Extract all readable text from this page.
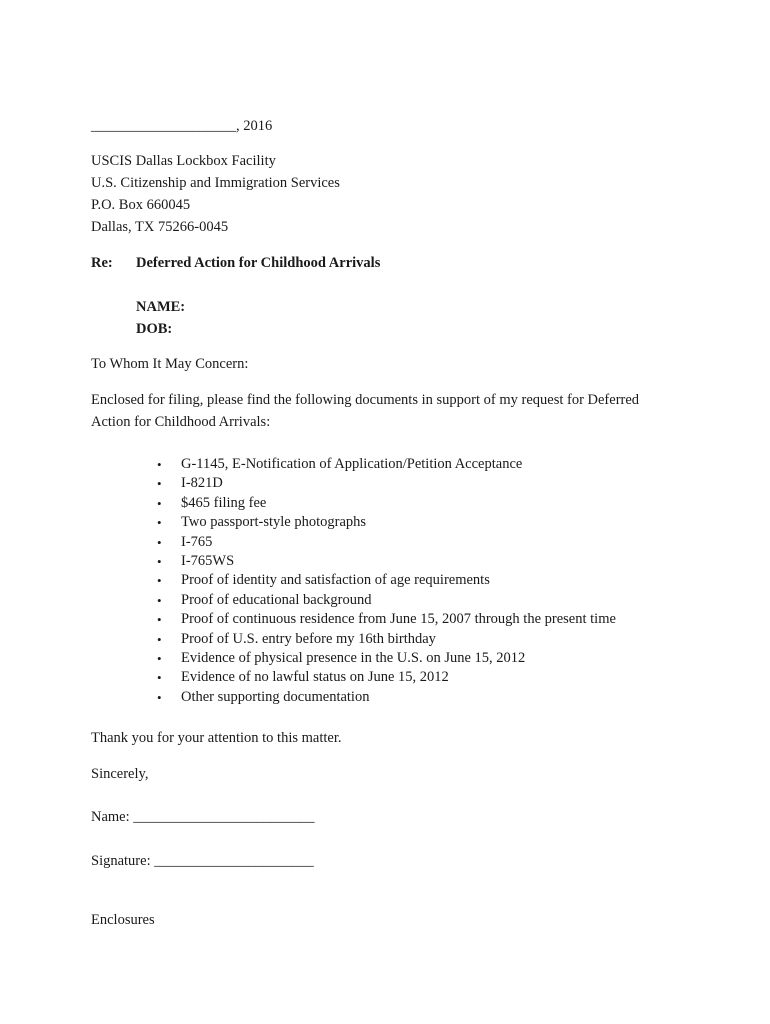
____________________, 2016
USCIS Dallas Lockbox Facility
U.S. Citizenship and Immigration Services
P.O. Box 660045
Dallas, TX 75266-0045
Re: Deferred Action for Childhood Arrivals
NAME:
DOB:
To Whom It May Concern:
Enclosed for filing, please find the following documents in support of my request for Deferred Action for Childhood Arrivals:
• G-1145, E-Notification of Application/Petition Acceptance
• I-821D
• $465 filing fee
• Two passport-style photographs
• I-765
• I-765WS
• Proof of identity and satisfaction of age requirements
• Proof of educational background
• Proof of continuous residence from June 15, 2007 through the present time
• Proof of U.S. entry before my 16th birthday
• Evidence of physical presence in the U.S. on June 15, 2012
• Evidence of no lawful status on June 15, 2012
• Other supporting documentation
Thank you for your attention to this matter.
Sincerely,
Name: _________________________
Signature: ______________________
Enclosures
